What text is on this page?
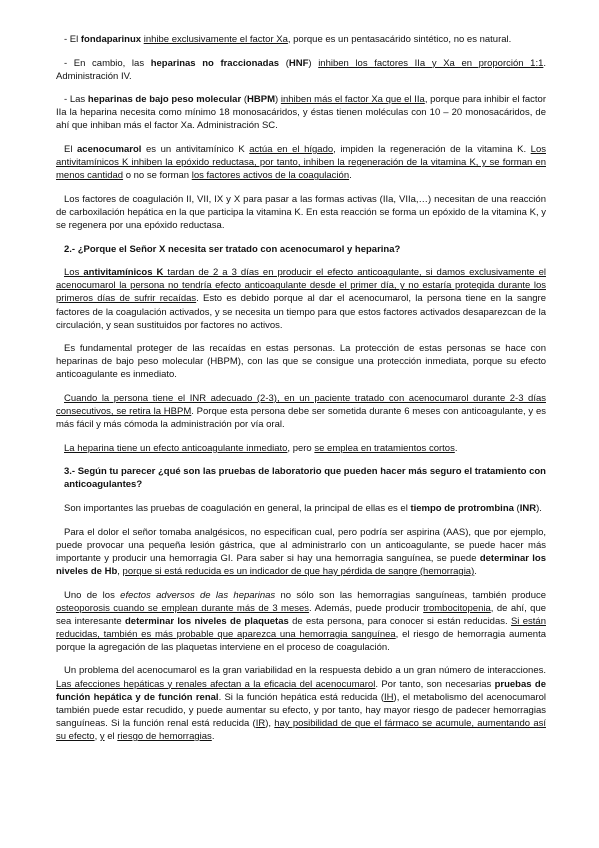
- El fondaparinux inhibe exclusivamente el factor Xa, porque es un pentasacárido sintético, no es natural.

- En cambio, las heparinas no fraccionadas (HNF) inhiben los factores IIa y Xa en proporción 1:1. Administración IV.

- Las heparinas de bajo peso molecular (HBPM) inhiben más el factor Xa que el IIa, porque para inhibir el factor IIa la heparina necesita como mínimo 18 monosacáridos, y éstas tienen moléculas con 10 – 20 monosacáridos, de ahí que inhiban más el factor Xa. Administración SC.

El acenocumarol es un antivitamínico K actúa en el hígado, impiden la regeneración de la vitamina K. Los antivitamínicos K inhiben la epóxido reductasa, por tanto, inhiben la regeneración de la vitamina K, y se forman en menos cantidad o no se forman los factores activos de la coagulación.

Los factores de coagulación II, VII, IX y X para pasar a las formas activas (IIa, VIIa,…) necesitan de una reacción de carboxilación hepática en la que participa la vitamina K. En esta reacción se forma un epóxido de la vitamina K, y se regenera por una epóxido reductasa.

2.- ¿Porque el Señor X necesita ser tratado con acenocumarol y heparina?

Los antivitamínicos K tardan de 2 a 3 días en producir el efecto anticoagulante, si damos exclusivamente el acenocumarol la persona no tendría efecto anticoagulante desde el primer día, y no estaría protegida durante los primeros días de sufrir recaídas. Esto es debido porque al dar el acenocumarol, la persona tiene en la sangre factores de la coagulación activados, y se necesita un tiempo para que estos factores activados desaparezcan de la circulación, y sean sustituidos por factores no activos.

Es fundamental proteger de las recaídas en estas personas. La protección de estas personas se hace con heparinas de bajo peso molecular (HBPM), con las que se consigue una protección inmediata, porque su efecto anticoagulante es inmediato.

Cuando la persona tiene el INR adecuado (2-3), en un paciente tratado con acenocumarol durante 2-3 días consecutivos, se retira la HBPM. Porque esta persona debe ser sometida durante 6 meses con anticoagulante, y es más fácil y más cómoda la administración por vía oral.

La heparina tiene un efecto anticoagulante inmediato, pero se emplea en tratamientos cortos.

3.- Según tu parecer ¿qué son las pruebas de laboratorio que pueden hacer más seguro el tratamiento con anticoagulantes?

Son importantes las pruebas de coagulación en general, la principal de ellas es el tiempo de protrombina (INR).

Para el dolor el señor tomaba analgésicos, no especifican cual, pero podría ser aspirina (AAS), que por ejemplo, puede provocar una pequeña lesión gástrica, que al administrarlo con un anticoagulante, se puede hacer más importante y producir una hemorragia GI. Para saber si hay una hemorragia sanguínea, se puede determinar los niveles de Hb, porque si está reducida es un indicador de que hay pérdida de sangre (hemorragia).

Uno de los efectos adversos de las heparinas no sólo son las hemorragias sanguíneas, también produce osteoporosis cuando se emplean durante más de 3 meses. Además, puede producir trombocitopenia, de ahí, que sea interesante determinar los niveles de plaquetas de esta persona, para conocer si están reducidas. Si están reducidas, también es más probable que aparezca una hemorragia sanguínea, el riesgo de hemorragia aumenta porque la agregación de las plaquetas interviene en el proceso de coagulación.

Un problema del acenocumarol es la gran variabilidad en la respuesta debido a un gran número de interacciones. Las afecciones hepáticas y renales afectan a la eficacia del acenocumarol. Por tanto, son necesarias pruebas de función hepática y de función renal. Si la función hepática está reducida (IH), el metabolismo del acenocumarol también puede estar recudido, y puede aumentar su efecto, y por tanto, hay mayor riesgo de padecer hemorragias sanguíneas. Si la función renal está reducida (IR), hay posibilidad de que el fármaco se acumule, aumentando así su efecto, y el riesgo de hemorragias.
